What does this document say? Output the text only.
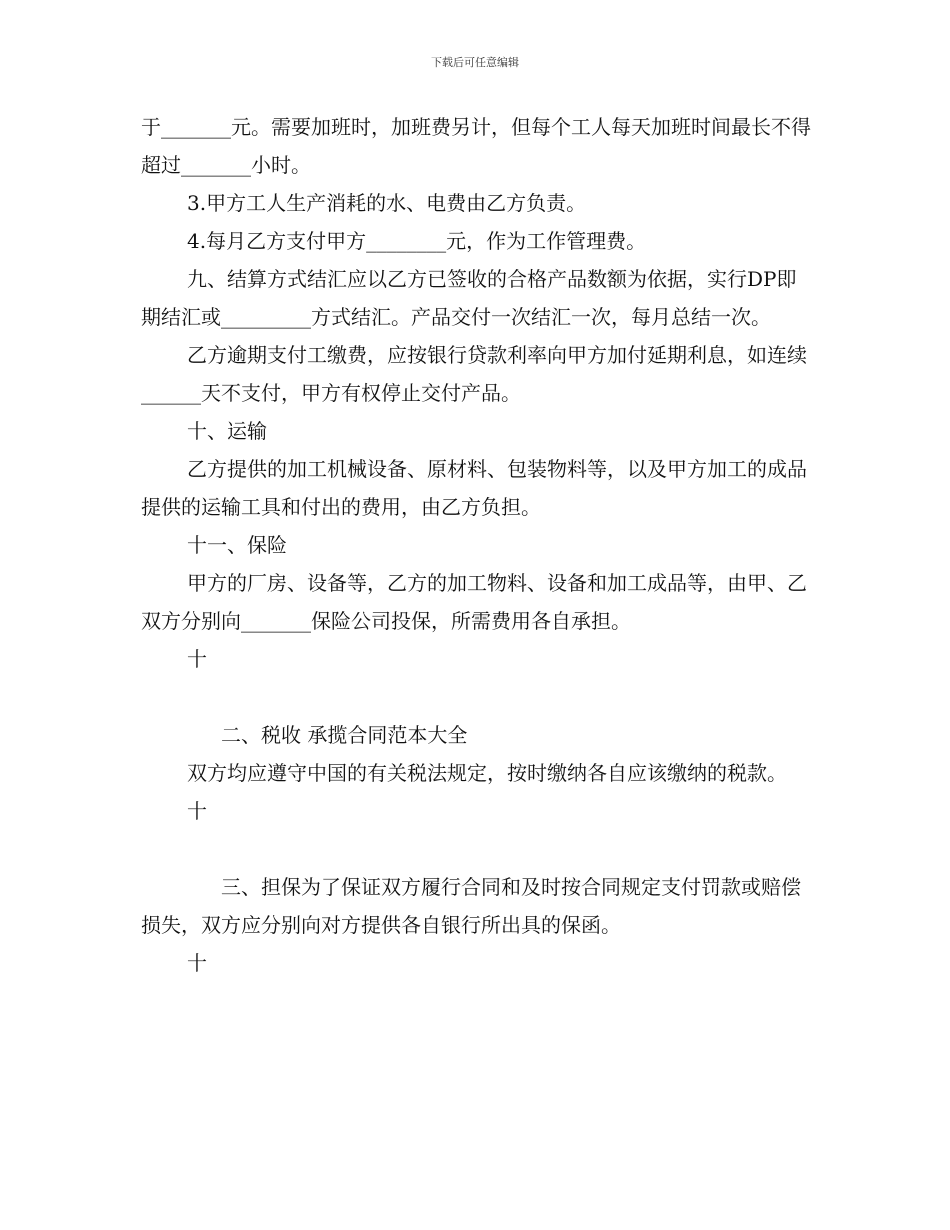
下载后可任意编辑

于_______元。需要加班时，加班费另计，但每个工人每天加班时间最长不得超过_______小时。

3.甲方工人生产消耗的水、电费由乙方负责。

4.每月乙方支付甲方________元，作为工作管理费。

九、结算方式结汇应以乙方已签收的合格产品数额为依据，实行DP即期结汇或_________方式结汇。产品交付一次结汇一次，每月总结一次。

乙方逾期支付工缴费，应按银行贷款利率向甲方加付延期利息，如连续______天不支付，甲方有权停止交付产品。

十、运输

乙方提供的加工机械设备、原材料、包装物料等，以及甲方加工的成品提供的运输工具和付出的费用，由乙方负担。

十一、保险

甲方的厂房、设备等，乙方的加工物料、设备和加工成品等，由甲、乙双方分别向_______保险公司投保，所需费用各自承担。

十

二、税收 承揽合同范本大全

双方均应遵守中国的有关税法规定，按时缴纳各自应该缴纳的税款。

十

三、担保为了保证双方履行合同和及时按合同规定支付罚款或赔偿损失，双方应分别向对方提供各自银行所出具的保函。

十
